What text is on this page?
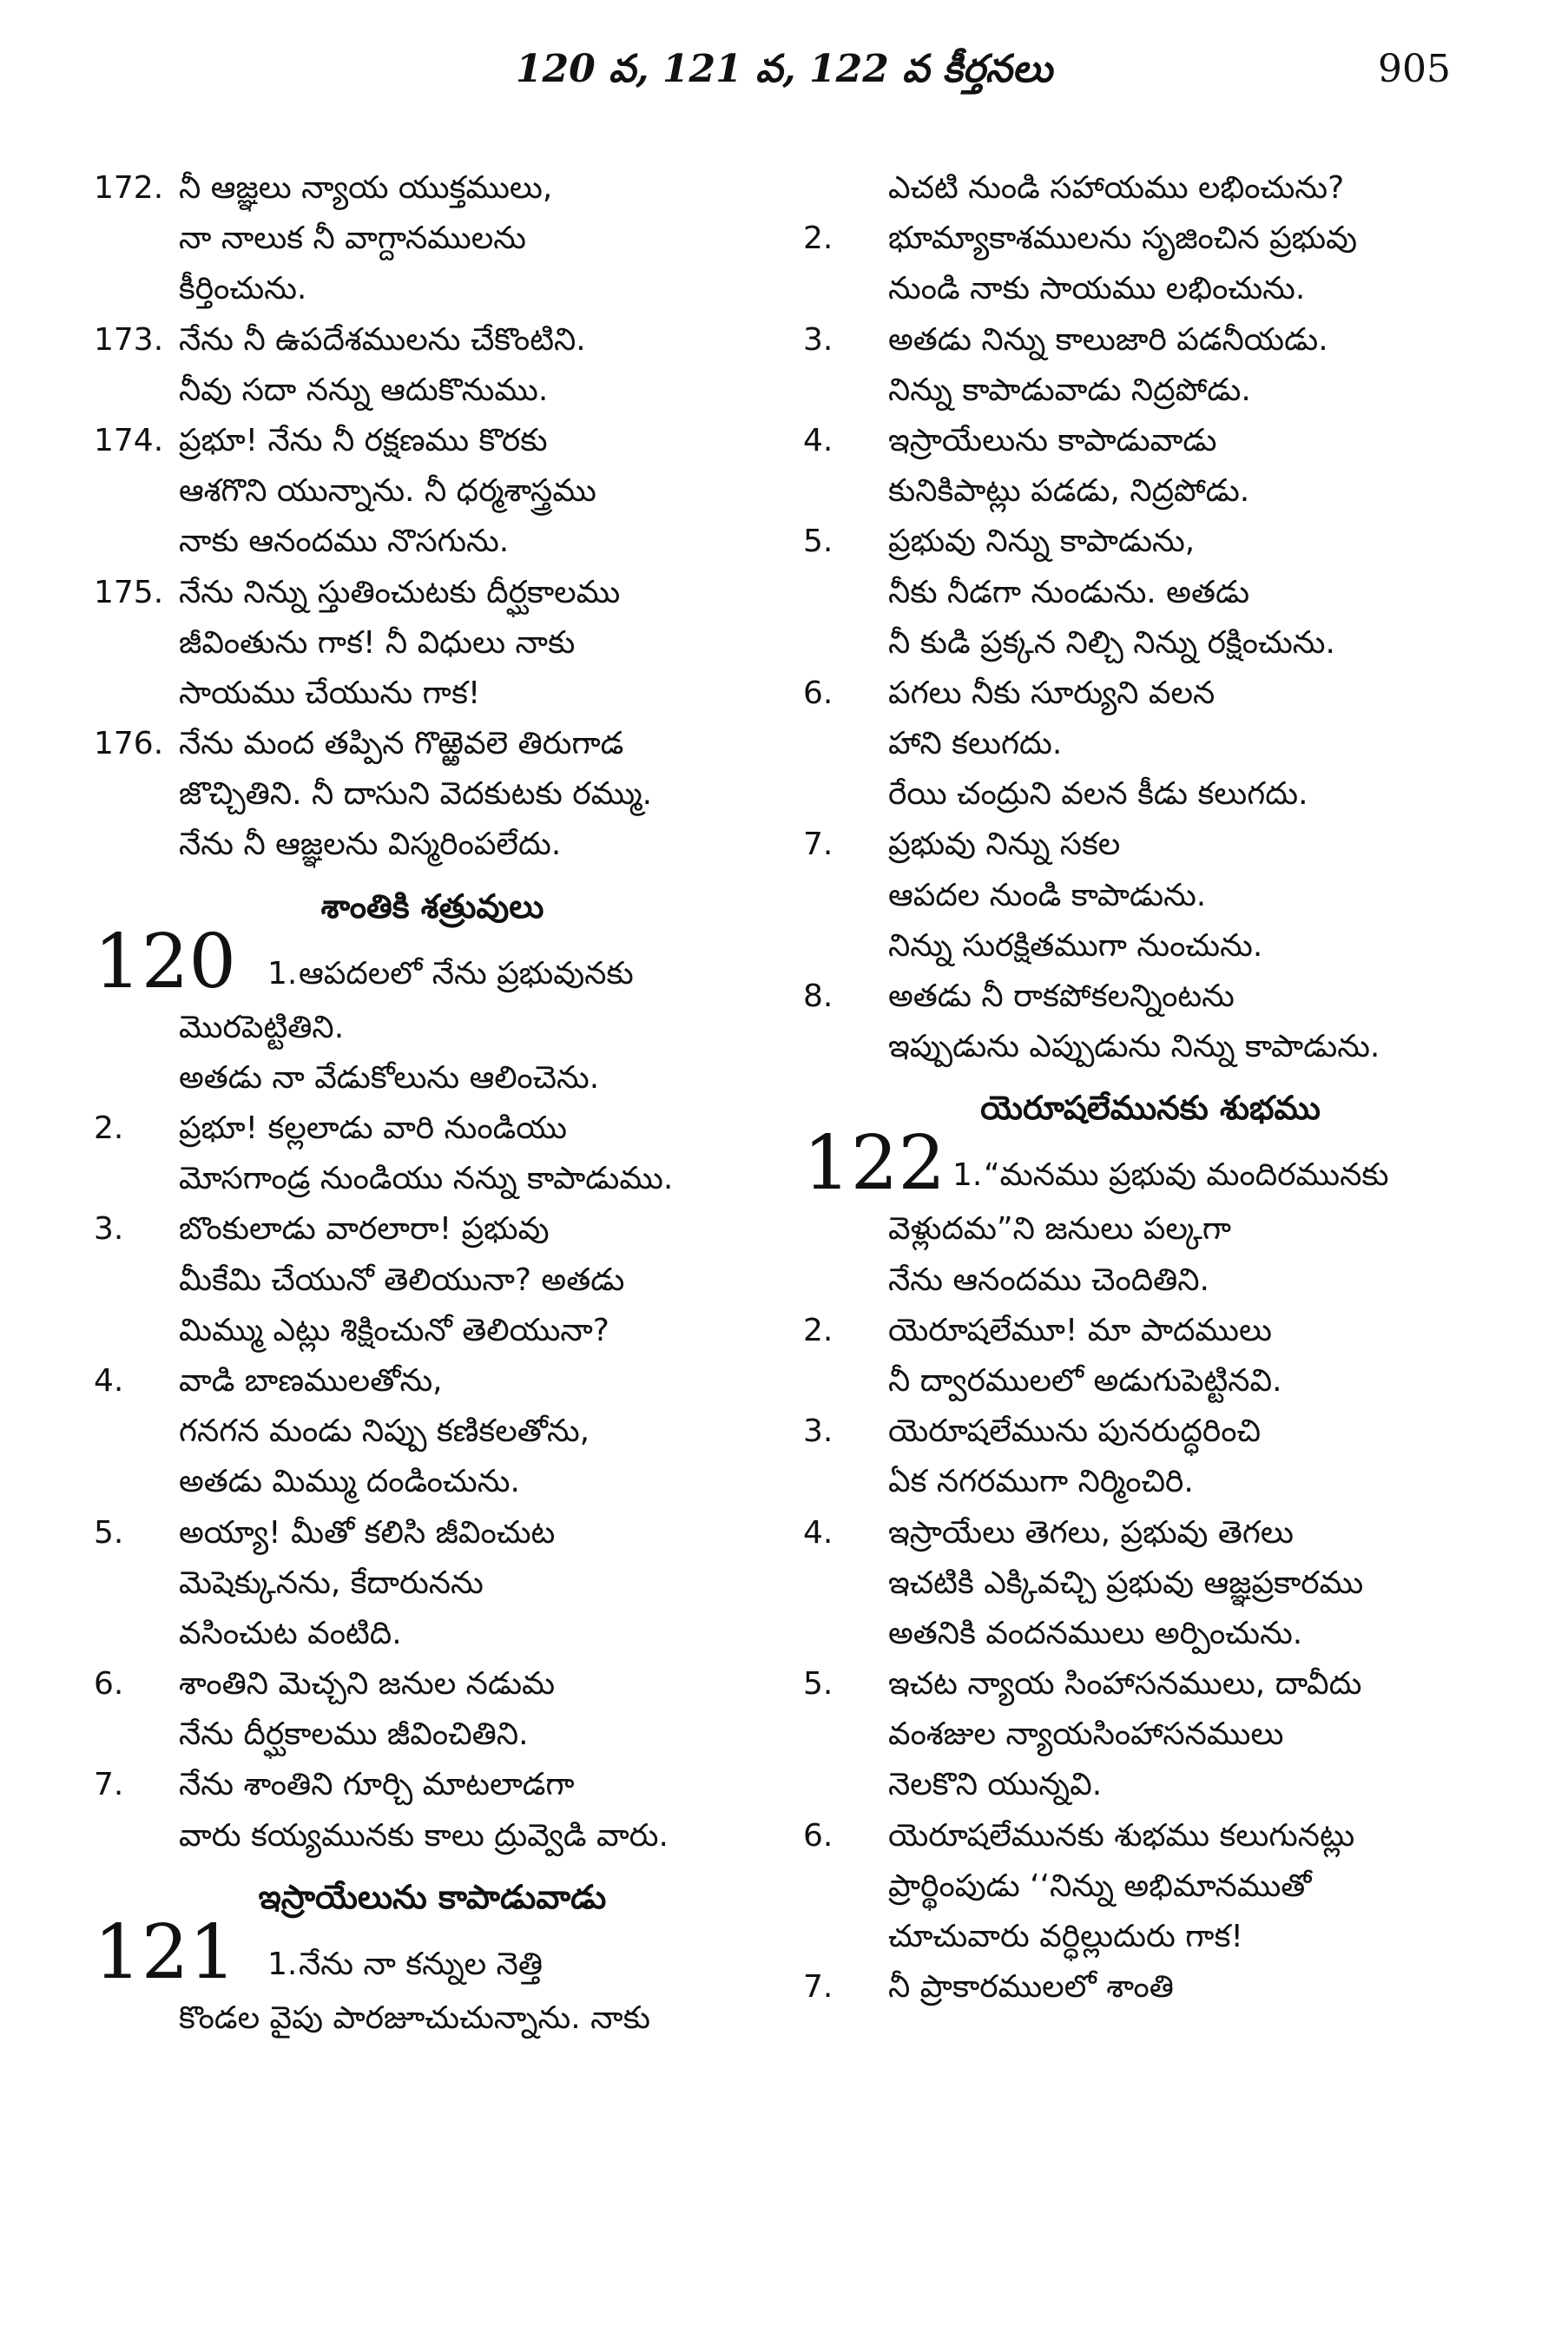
120 వ, 121 వ, 122 వ కీర్తనలు	905
172. నీ ఆజ్ఞలు న్యాయ యుక్తములు,
నా నాలుక నీ వాగ్దానములను
కీర్తించును.
173. నేను నీ ఉపదేశములను చేకొంటిని.
నీవు సదా నన్ను ఆదుకొనుము.
174. ప్రభూ! నేను నీ రక్షణము కొరకు
ఆశగొని యున్నాను. నీ ధర్మశాస్త్రము
నాకు ఆనందము నొసగును.
175. నేను నిన్ను స్తుతించుటకు దీర్ఘకాలము
జీవింతును గాక! నీ విధులు నాకు
సాయము చేయును గాక!
176. నేను మంద తప్పిన గొఱ్ఱెవలె తిరుగాడ
జొచ్చితిని. నీ దాసుని వెదకుటకు రమ్ము.
నేను నీ ఆజ్ఞలను విస్మరింపలేదు.
శాంతికి శత్రువులు
120 1. ఆపదలలో నేను ప్రభువునకు
మొరపెట్టితిని.
అతడు నా వేడుకోలును ఆలించెను.
2. ప్రభూ! కల్లలాడు వారి నుండియు
మోసగాండ్ర నుండియు నన్ను కాపాడుము.
3. బొంకులాడు వారలారా! ప్రభువు
మీకేమి చేయునో తెలియునా? అతడు
మిమ్ము ఎట్లు శిక్షించునో తెలియునా?
4. వాడి బాణములతోను,
గనగన మండు నిప్పు కణికలతోను,
అతడు మిమ్ము దండించును.
5. అయ్యా! మీతో కలిసి జీవించుట
మెషెక్కునను, కేదారునను
వసించుట వంటిది.
6. శాంతిని మెచ్చని జనుల నడుమ
నేను దీర్ఘకాలము జీవించితిని.
7. నేను శాంతిని గూర్చి మాటలాడగా
వారు కయ్యమునకు కాలు ద్రువ్వెడి వారు.
ఇస్రాయేలును కాపాడువాడు
121 1. నేను నా కన్నుల నెత్తి
కొండల వైపు పారజూచుచున్నాను. నాకు
ఎచటి నుండి సహాయము లభించును?
2. భూమ్యాకాశములను సృజించిన ప్రభువు
నుండి నాకు సాయము లభించును.
3. అతడు నిన్ను కాలుజారి పడనీయడు.
నిన్ను కాపాడువాడు నిద్రపోడు.
4. ఇస్రాయేలును కాపాడువాడు
కునికిపాట్లు పడడు, నిద్రపోడు.
5. ప్రభువు నిన్ను కాపాడును,
నీకు నీడగా నుండును. అతడు
నీ కుడి ప్రక్కన నిల్చి నిన్ను రక్షించును.
6. పగలు నీకు సూర్యుని వలన
హాని కలుగదు.
రేయి చంద్రుని వలన కీడు కలుగదు.
7. ప్రభువు నిన్ను సకల
ఆపదల నుండి కాపాడును.
నిన్ను సురక్షితముగా నుంచును.
8. అతడు నీ రాకపోకలన్నింటను
ఇప్పుడును ఎప్పుడును నిన్ను కాపాడును.
యెరూషలేమునకు శుభము
122 1. “మనము ప్రభువు మందిరమునకు
వెళ్లుదమ”ని జనులు పల్కగా
నేను ఆనందము చెందితిని.
2. యెరూషలేమూ! మా పాదములు
నీ ద్వారములలో అడుగుపెట్టినవి.
3. యెరూషలేమును పునరుద్ధరించి
ఏక నగరముగా నిర్మించిరి.
4. ఇస్రాయేలు తెగలు, ప్రభువు తెగలు
ఇచటికి ఎక్కివచ్చి ప్రభువు ఆజ్ఞప్రకారము
అతనికి వందనములు అర్పించును.
5. ఇచట న్యాయ సింహాసనములు, దావీదు
వంశజుల న్యాయసింహాసనములు
నెలకొని యున్నవి.
6. యెరూషలేమునకు శుభము కలుగునట్లు
ప్రార్థింపుడు ‘‘నిన్ను అభిమానముతో
చూచువారు వర్ధిల్లుదురు గాక!
7. నీ ప్రాకారములలో శాంతి
